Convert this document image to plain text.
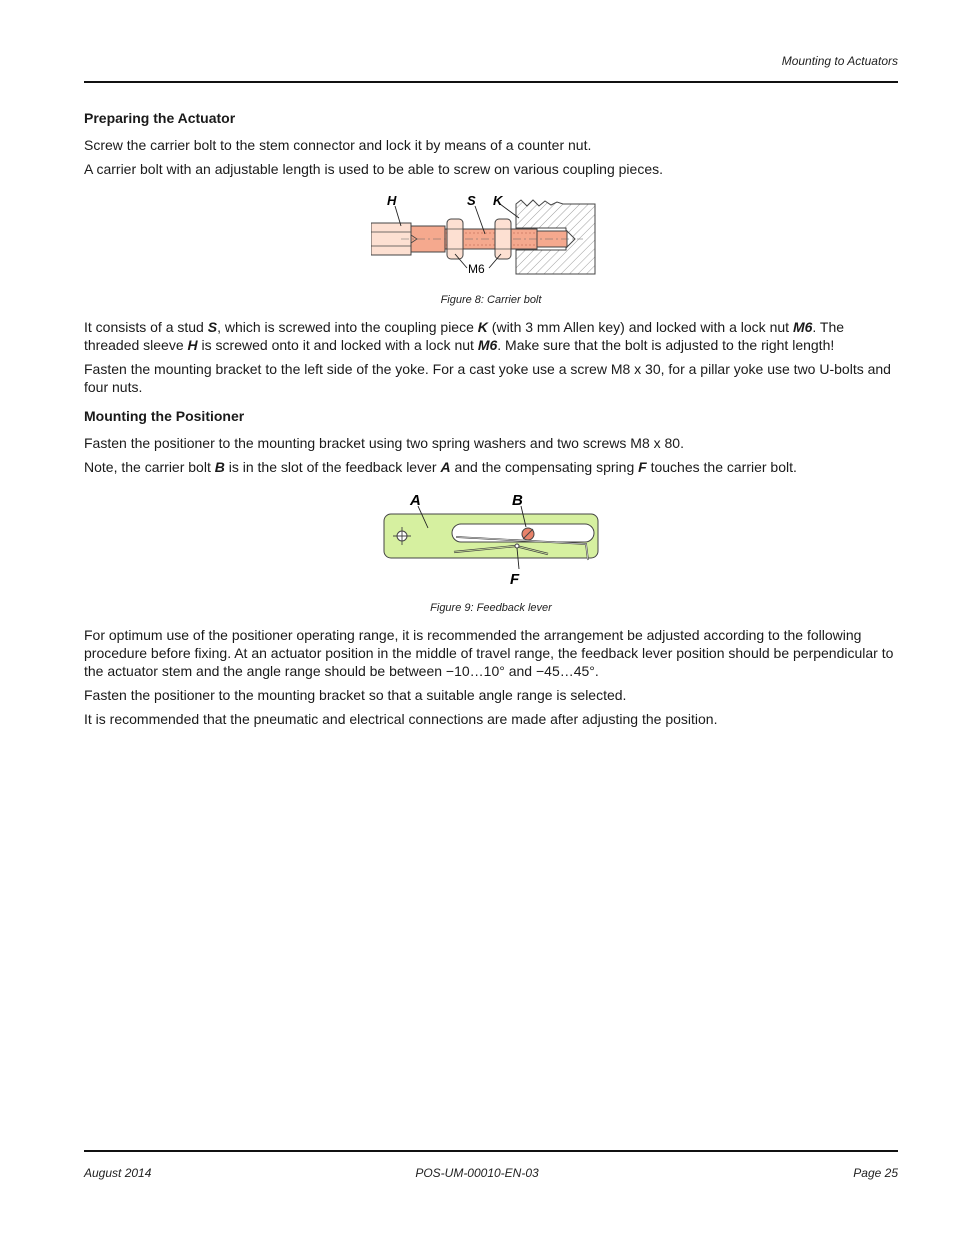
Mounting to Actuators
Preparing the Actuator

Screw the carrier bolt to the stem connector and lock it by means of a counter nut.

A carrier bolt with an adjustable length is used to be able to screw on various coupling pieces.

H	S K
M6
Figure 8: Carrier bolt

It consists of a stud S, which is screwed into the coupling piece K (with 3 mm Allen key) and locked with a lock nut M6. The threaded sleeve H is screwed onto it and locked with a lock nut M6. Make sure that the bolt is adjusted to the right length!

Fasten the mounting bracket to the left side of the yoke. For a cast yoke use a screw M8 x 30, for a pillar yoke use two U-bolts and four nuts.

Mounting the Positioner

Fasten the positioner to the mounting bracket using two spring washers and two screws M8 x 80.

Note, the carrier bolt B is in the slot of the feedback lever A and the compensating spring F touches the carrier bolt.

A	B
F
Figure 9: Feedback lever

For optimum use of the positioner operating range, it is recommended the arrangement be adjusted according to the following procedure before fixing. At an actuator position in the middle of travel range, the feedback lever position should be perpendicular to the actuator stem and the angle range should be between −10…10° and −45…45°.

Fasten the positioner to the mounting bracket so that a suitable angle range is selected.

It is recommended that the pneumatic and electrical connections are made after adjusting the position.

August 2014	POS-UM-00010-EN-03	Page 25
